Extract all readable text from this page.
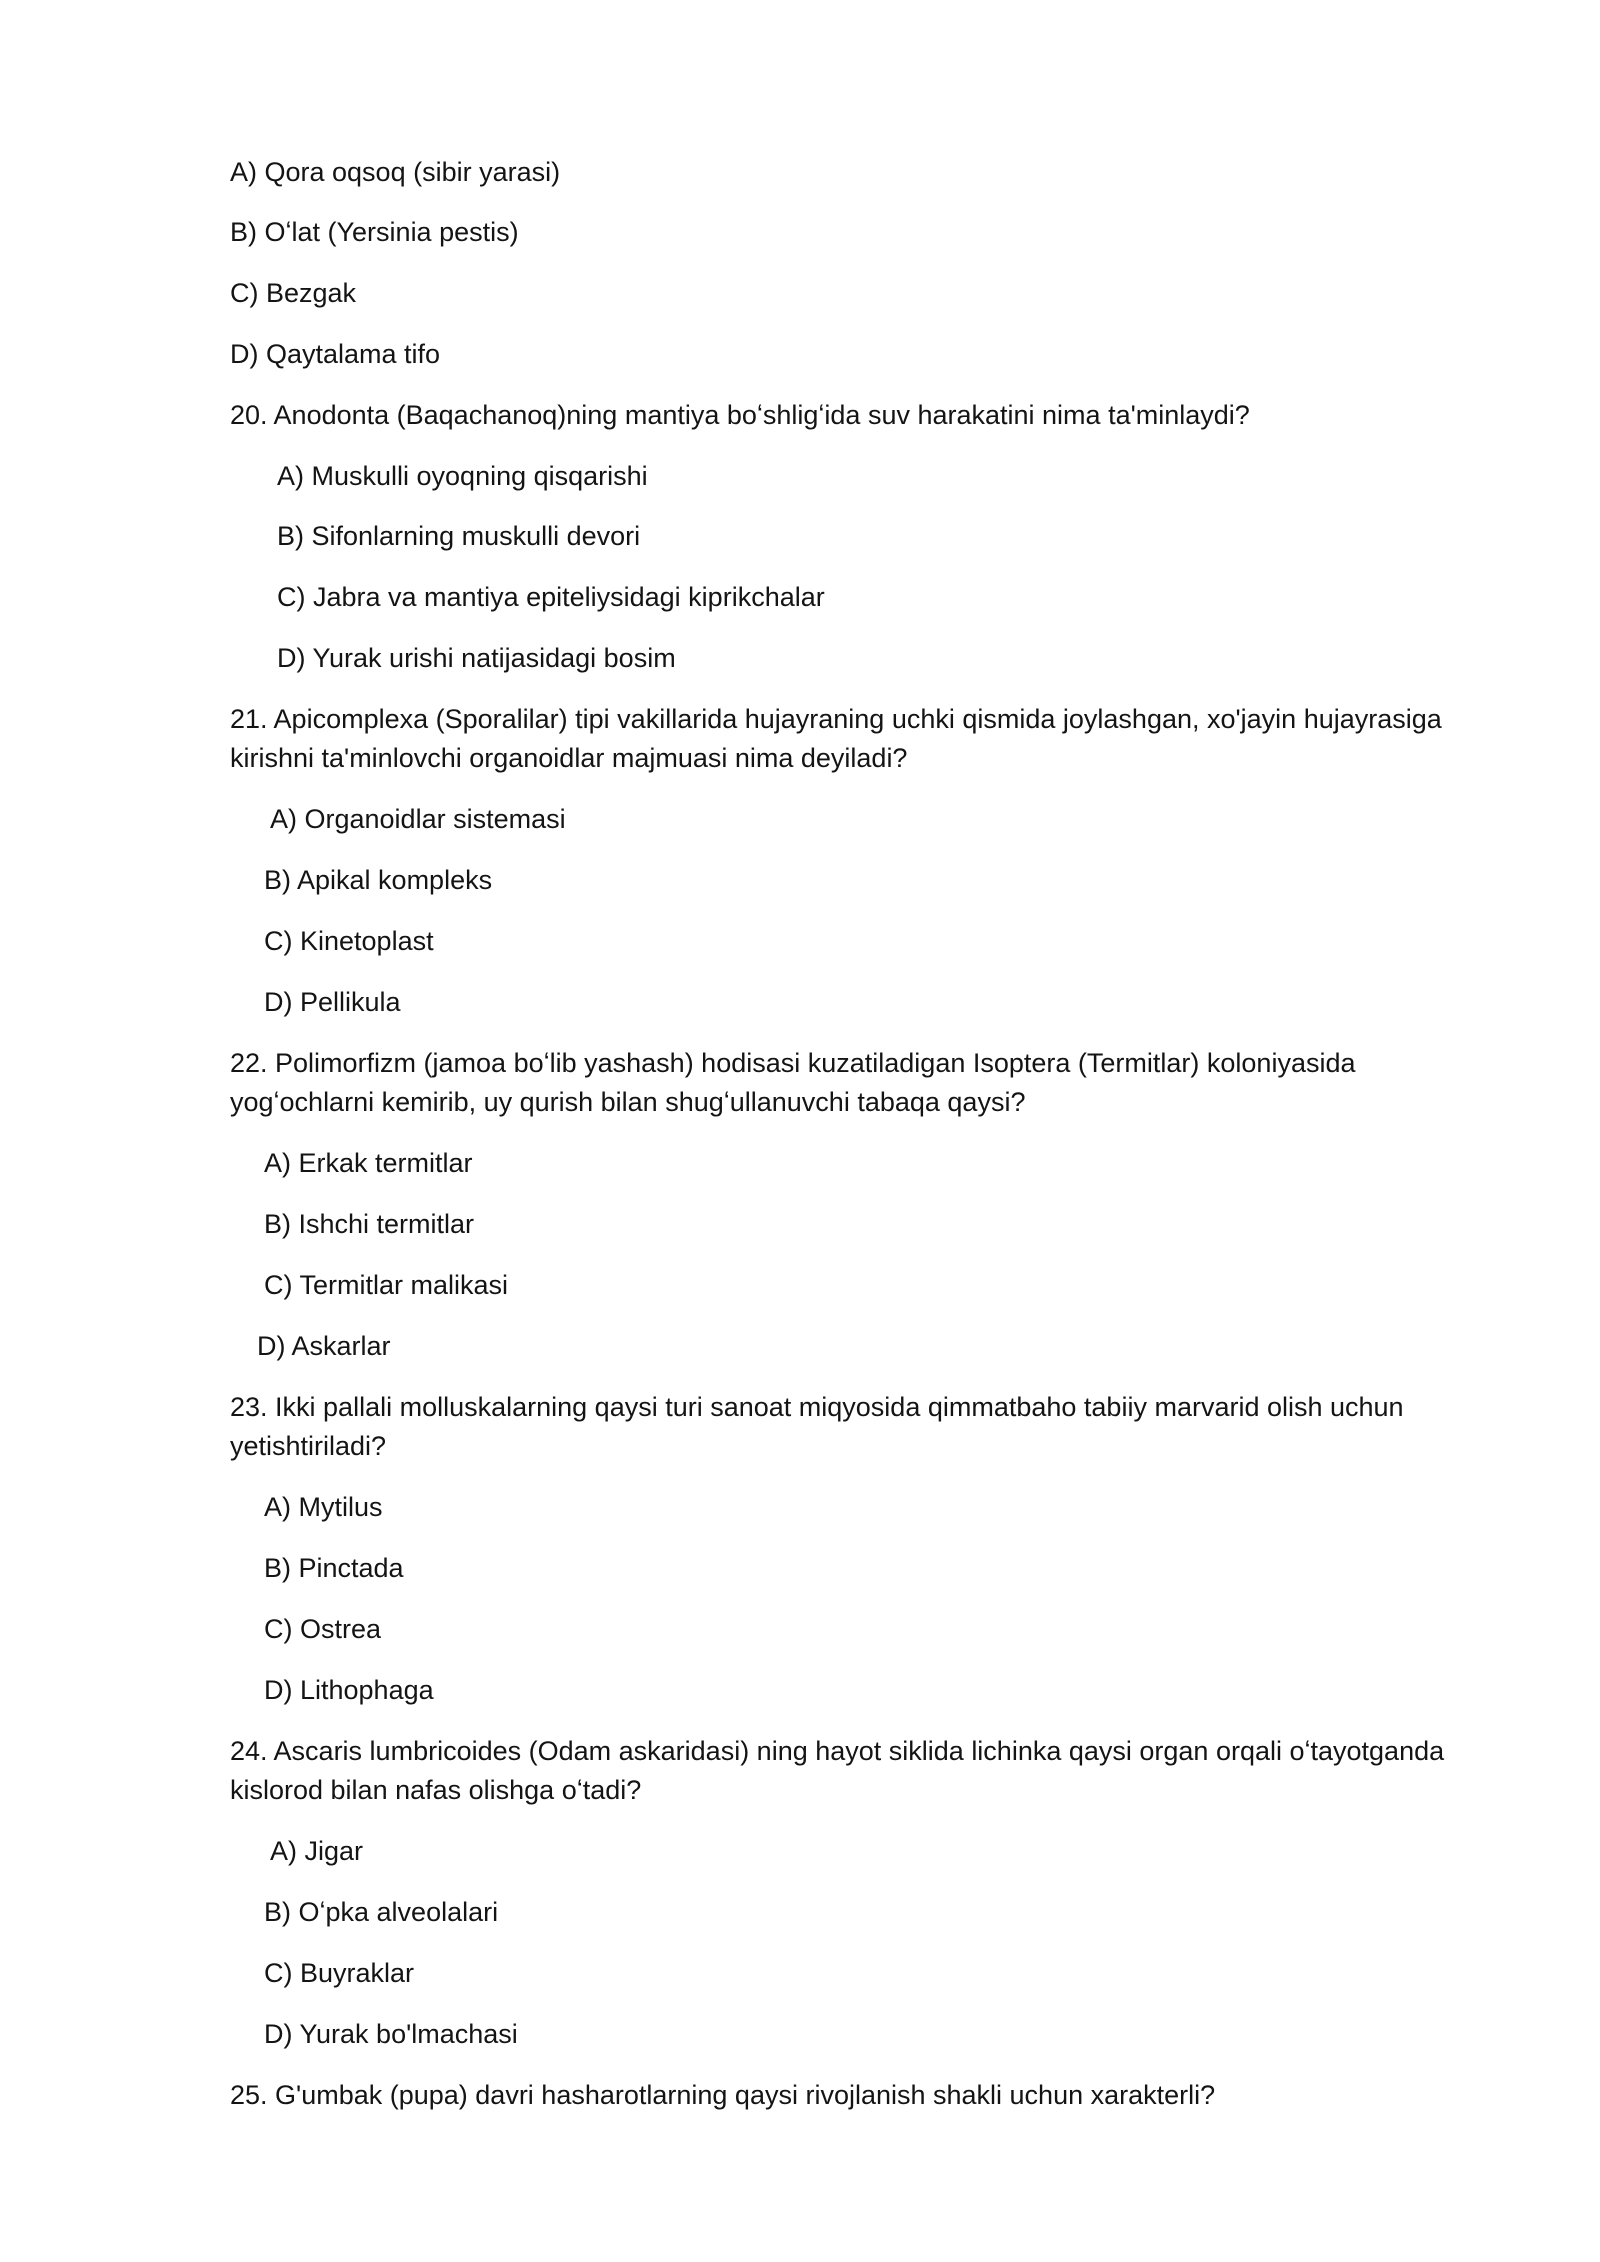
A) Qora oqsoq (sibir yarasi)

B) Oʻlat (Yersinia pestis)

C) Bezgak

D) Qaytalama tifo

20. Anodonta (Baqachanoq)ning mantiya boʻshligʻida suv harakatini nima ta'minlaydi?

A) Muskulli oyoqning qisqarishi

B) Sifonlarning muskulli devori

C) Jabra va mantiya epiteliysidagi kiprikchalar

D) Yurak urishi natijasidagi bosim

21. Apicomplexa (Sporalilar) tipi vakillarida hujayraning uchki qismida joylashgan, xo'jayin hujayrasiga kirishni ta'minlovchi organoidlar majmuasi nima deyiladi?

A) Organoidlar sistemasi

B) Apikal kompleks

C) Kinetoplast

D) Pellikula

22. Polimorfizm (jamoa boʻlib yashash) hodisasi kuzatiladigan Isoptera (Termitlar) koloniyasida yogʻochlarni kemirib, uy qurish bilan shugʻullanuvchi tabaqa qaysi?

A) Erkak termitlar

B) Ishchi termitlar

C) Termitlar malikasi

D) Askarlar

23. Ikki pallali molluskalarning qaysi turi sanoat miqyosida qimmatbaho tabiiy marvarid olish uchun yetishtiriladi?

A) Mytilus

B) Pinctada

C) Ostrea

D) Lithophaga

24. Ascaris lumbricoides (Odam askaridasi) ning hayot siklida lichinka qaysi organ orqali oʻtayotganda kislorod bilan nafas olishga oʻtadi?

A) Jigar

B) Oʻpka alveolalari

C) Buyraklar

D) Yurak bo'lmachasi

25. G'umbak (pupa) davri hasharotlarning qaysi rivojlanish shakli uchun xarakterli?
